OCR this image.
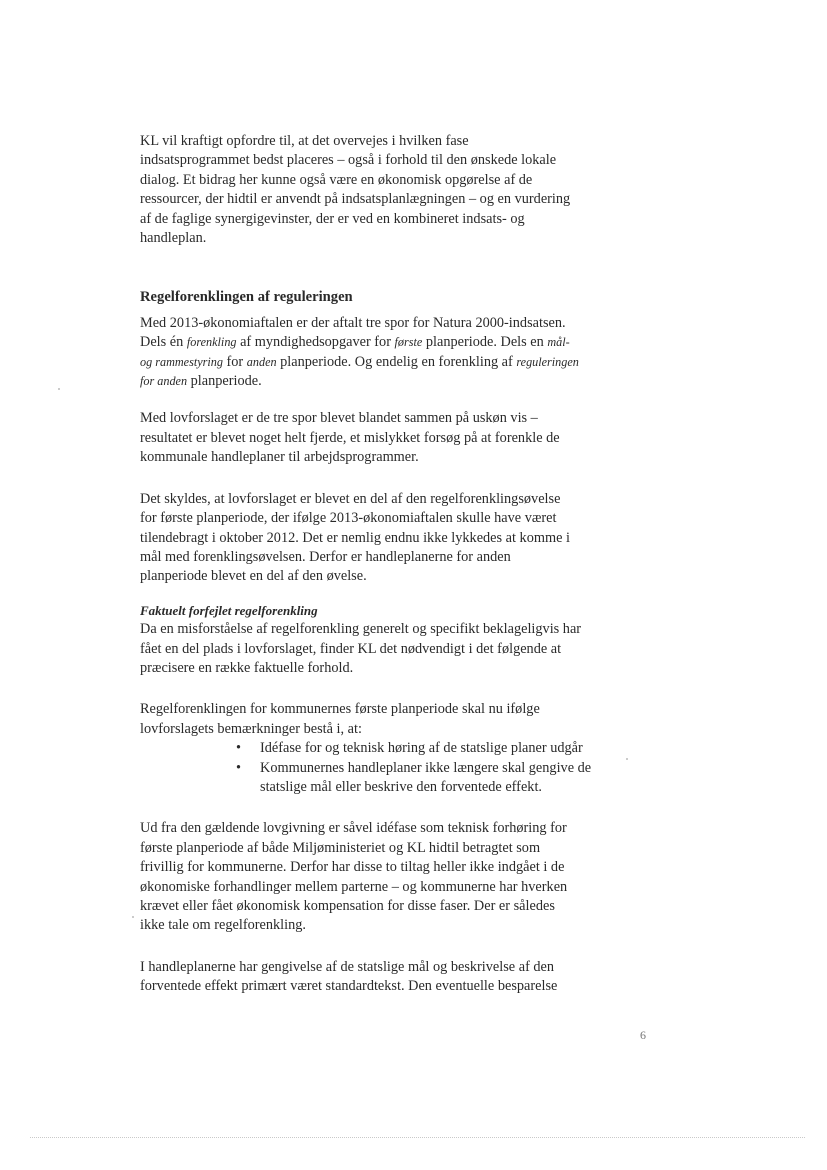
KL vil kraftigt opfordre til, at det overvejes i hvilken fase

indsatsprogrammet bedst placeres – også i forhold til den ønskede lokale

dialog. Et bidrag her kunne også være en økonomisk opgørelse af de

ressourcer, der hidtil er anvendt på indsatsplanlægningen – og en vurdering

af de faglige synergigevinster, der er ved en kombineret indsats- og

handleplan.

Regelforenklingen af reguleringen

Med 2013-økonomiaftalen er der aftalt tre spor for Natura 2000-indsatsen.

Dels én forenkling af myndighedsopgaver for første planperiode. Dels en mål-

og rammestyring for anden planperiode. Og endelig en forenkling af reguleringen

for anden planperiode.

Med lovforslaget er de tre spor blevet blandet sammen på uskøn vis –

resultatet er blevet noget helt fjerde, et mislykket forsøg på at forenkle de

kommunale handleplaner til arbejdsprogrammer.

Det skyldes, at lovforslaget er blevet en del af den regelforenklingsøvelse

for første planperiode, der ifølge 2013-økonomiaftalen skulle have været

tilendebragt i oktober 2012. Det er nemlig endnu ikke lykkedes at komme i

mål med forenklingsøvelsen. Derfor er handleplanerne for anden

planperiode blevet en del af den øvelse.

Faktuelt forfejlet regelforenkling

Da en misforståelse af regelforenkling generelt og specifikt beklageligvis har

fået en del plads i lovforslaget, finder KL det nødvendigt i det følgende at

præcisere en række faktuelle forhold.

Regelforenklingen for kommunernes første planperiode skal nu ifølge

lovforslagets bemærkninger bestå i, at:

• Idéfase for og teknisk høring af de statslige planer udgår
• Kommunernes handleplaner ikke længere skal gengive de statslige mål eller beskrive den forventede effekt.

Ud fra den gældende lovgivning er såvel idéfase som teknisk forhøring for

første planperiode af både Miljøministeriet og KL hidtil betragtet som

frivillig for kommunerne. Derfor har disse to tiltag heller ikke indgået i de

økonomiske forhandlinger mellem parterne – og kommunerne har hverken

krævet eller fået økonomisk kompensation for disse faser. Der er således

ikke tale om regelforenkling.

I handleplanerne har gengivelse af de statslige mål og beskrivelse af den

forventede effekt primært været standardtekst. Den eventuelle besparelse

6
